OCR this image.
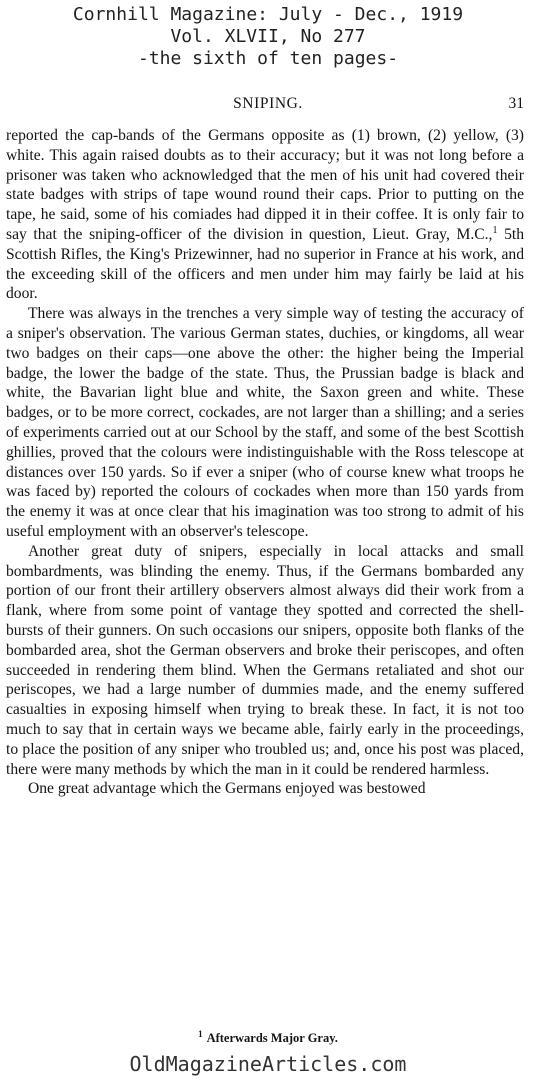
Cornhill Magazine: July - Dec., 1919
Vol. XLVII, No 277
-the sixth of ten pages-
SNIPING.	31

reported the cap-bands of the Germans opposite as (1) brown, (2) yellow, (3) white. This again raised doubts as to their accuracy; but it was not long before a prisoner was taken who acknowledged that the men of his unit had covered their state badges with strips of tape wound round their caps. Prior to putting on the tape, he said, some of his comiades had dipped it in their coffee. It is only fair to say that the sniping-officer of the division in question, Lieut. Gray, M.C.,$^1$ 5th Scottish Rifles, the King's Prizewinner, had no superior in France at his work, and the exceeding skill of the officers and men under him may fairly be laid at his door.

There was always in the trenches a very simple way of testing the accuracy of a sniper's observation. The various German states, duchies, or kingdoms, all wear two badges on their caps—one above the other: the higher being the Imperial badge, the lower the badge of the state. Thus, the Prussian badge is black and white, the Bavarian light blue and white, the Saxon green and white. These badges, or to be more correct, cockades, are not larger than a shilling; and a series of experiments carried out at our School by the staff, and some of the best Scottish ghillies, proved that the colours were indistinguishable with the Ross telescope at distances over 150 yards. So if ever a sniper (who of course knew what troops he was faced by) reported the colours of cockades when more than 150 yards from the enemy it was at once clear that his imagination was too strong to admit of his useful employment with an observer's telescope.

Another great duty of snipers, especially in local attacks and small bombardments, was blinding the enemy. Thus, if the Germans bombarded any portion of our front their artillery observers almost always did their work from a flank, where from some point of vantage they spotted and corrected the shell-bursts of their gunners. On such occasions our snipers, opposite both flanks of the bombarded area, shot the German observers and broke their periscopes, and often succeeded in rendering them blind. When the Germans retaliated and shot our periscopes, we had a large number of dummies made, and the enemy suffered casualties in exposing himself when trying to break these. In fact, it is not too much to say that in certain ways we became able, fairly early in the proceedings, to place the position of any sniper who troubled us; and, once his post was placed, there were many methods by which the man in it could be rendered harmless.

One great advantage which the Germans enjoyed was bestowed

$^1$ Afterwards Major Gray.
OldMagazineArticles.com
